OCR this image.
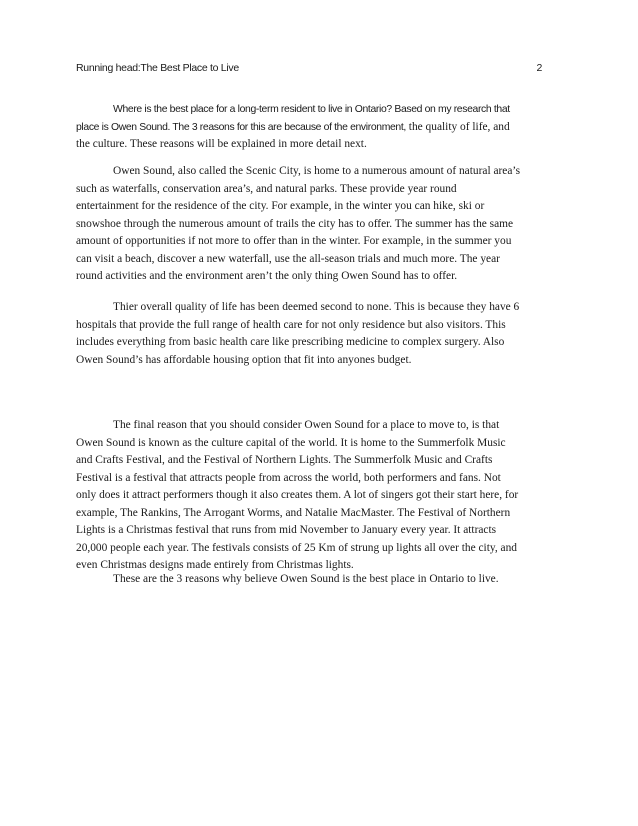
Running head:The Best Place to Live	2

Where is the best place for a long-term resident to live in Ontario? Based on my research that
place is Owen Sound. The 3 reasons for this are because of the environment, the quality of life, and
the culture. These reasons will be explained in more detail next.

Owen Sound, also called the Scenic City, is home to a numerous amount of natural area’s
such as waterfalls, conservation area’s, and natural parks. These provide year round
entertainment for the residence of the city. For example, in the winter you can hike, ski or
snowshoe through the numerous amount of trails the city has to offer. The summer has the same
amount of opportunities if not more to offer than in the winter. For example, in the summer you
can visit a beach, discover a new waterfall, use the all-season trials and much more. The year
round activities and the environment aren’t the only thing Owen Sound has to offer.

Thier overall quality of life has been deemed second to none. This is because they have 6
hospitals that provide the full range of health care for not only residence but also visitors. This
includes everything from basic health care like prescribing medicine to complex surgery. Also
Owen Sound’s has affordable housing option that fit into anyones budget.

The final reason that you should consider Owen Sound for a place to move to, is that
Owen Sound is known as the culture capital of the world. It is home to the Summerfolk Music
and Crafts Festival, and the Festival of Northern Lights. The Summerfolk Music and Crafts
Festival is a festival that attracts people from across the world, both performers and fans. Not
only does it attract performers though it also creates them. A lot of singers got their start here, for
example, The Rankins, The Arrogant Worms, and Natalie MacMaster. The Festival of Northern
Lights is a Christmas festival that runs from mid November to January every year. It attracts
20,000 people each year. The festivals consists of 25 Km of strung up lights all over the city, and
even Christmas designs made entirely from Christmas lights.

These are the 3 reasons why believe Owen Sound is the best place in Ontario to live.
